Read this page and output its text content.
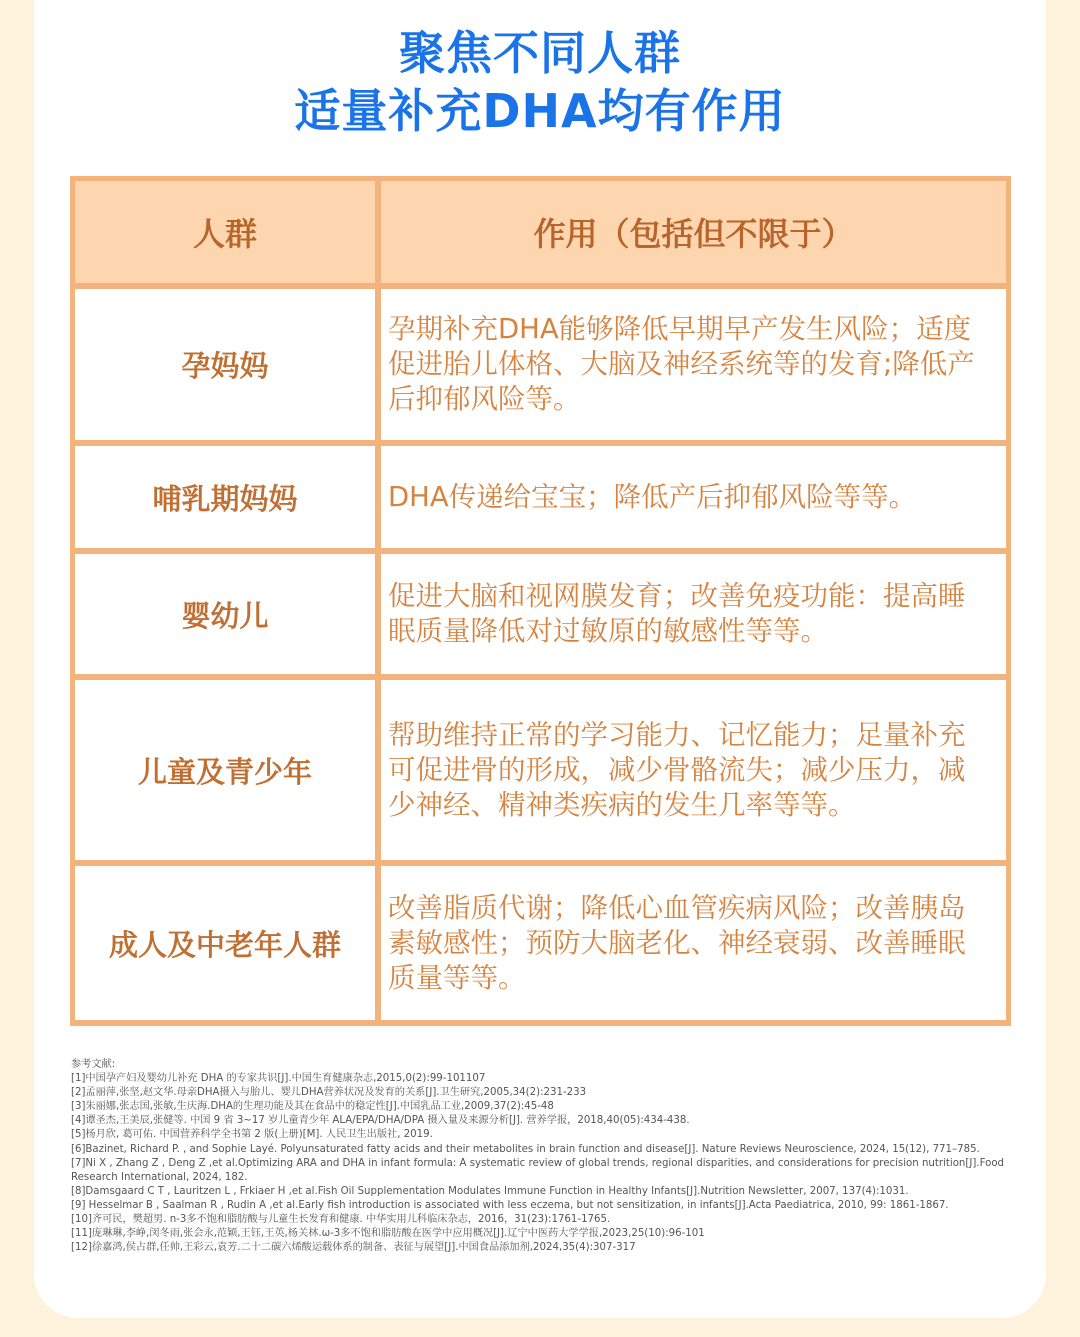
聚焦不同人群
适量补充DHA均有作用
人群	作用（包括但不限于）
孕妈妈
孕期补充DHA能够降低早期早产发生风险；适度促进胎儿体格、大脑及神经系统等的发育;降低产后抑郁风险等。
哺乳期妈妈	DHA传递给宝宝；降低产后抑郁风险等等。
婴幼儿
促进大脑和视网膜发育；改善免疫功能：提高睡眠质量降低对过敏原的敏感性等等。
儿童及青少年
帮助维持正常的学习能力、记忆能力；足量补充可促进骨的形成，减少骨骼流失；减少压力，减少神经、精神类疾病的发生几率等等。
成人及中老年人群
改善脂质代谢；降低心血管疾病风险；改善胰岛素敏感性；预防大脑老化、神经衰弱、改善睡眠质量等等。
参考文献:
[1]中国孕产妇及婴幼儿补充 DHA 的专家共识[J].中国生育健康杂志,2015,0(2):99-101107
[2]孟丽萍,张坚,赵文华.母亲DHA摄入与胎儿、婴儿DHA营养状况及发育的关系[J].卫生研究,2005,34(2):231-233
[3]朱丽娜,张志国,张敏,生庆海.DHA的生理功能及其在食品中的稳定性[J].中国乳品工业,2009,37(2):45-48
[4]谭圣杰,王美辰,张健等. 中国 9 省 3~17 岁儿童青少年 ALA/EPA/DHA/DPA 摄入量及来源分析[J]. 营养学报，2018,40(05):434-438.
[5]杨月欣, 葛可佑. 中国营养科学全书第 2 版(上册)[M]. 人民卫生出版社, 2019.
[6]Bazinet, Richard P. , and Sophie Layé. Polyunsaturated fatty acids and their metabolites in brain function and disease[J]. Nature Reviews Neuroscience, 2024, 15(12), 771–785.
[7]Ni X , Zhang Z , Deng Z ,et al.Optimizing ARA and DHA in infant formula: A systematic review of global trends, regional disparities, and considerations for precision nutrition[J].Food Research International, 2024, 182.
[8]Damsgaard C T , Lauritzen L , Frkiaer H ,et al.Fish Oil Supplementation Modulates Immune Function in Healthy Infants[J].Nutrition Newsletter, 2007, 137(4):1031.
[9] Hesselmar B , Saalman R , Rudin A ,et al.Early fish introduction is associated with less eczema, but not sensitization, in infants[J].Acta Paediatrica, 2010, 99: 1861-1867.
[10]齐可民，樊超男. n-3多不饱和脂肪酸与儿童生长发育和健康. 中华实用儿科临床杂志，2016，31(23):1761-1765.
[11]庞琳琳,李峥,闵冬雨,张会永,范颖,王钰,王英,杨关林.ω-3多不饱和脂肪酸在医学中应用概况[J].辽宁中医药大学学报,2023,25(10):96-101
[12]徐嘉鸿,侯占群,任帅,王彩云,袁芳.二十二碳六烯酸运载体系的制备、表征与展望[J].中国食品添加剂,2024,35(4):307-317
